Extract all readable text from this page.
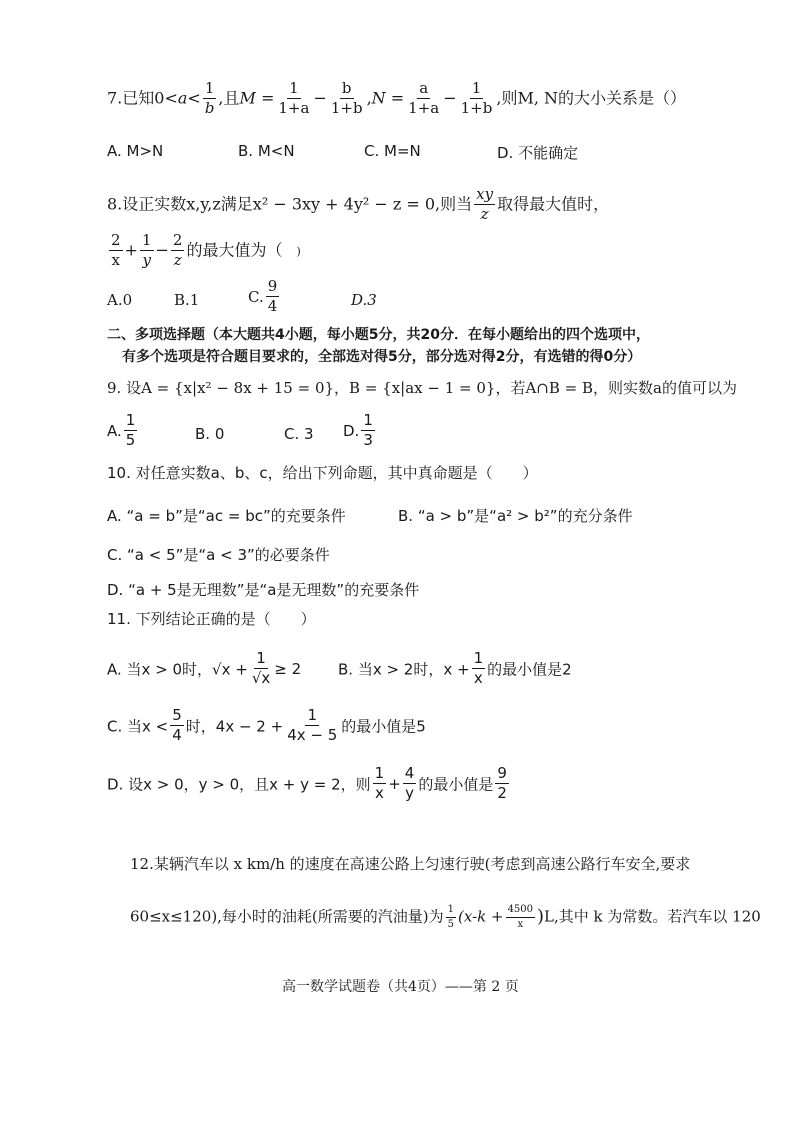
7.已知$0<a< \frac{1}{b}$ ,且$M = \frac{1}{1+a} - \frac{b}{1+b} ,N = \frac{a}{1+a} - \frac{1}{1+b}$ ,则M, N的大小关系是（）
A. M>N	B. M<N	C. M=N	D. 不能确定
8.设正实数x,y,z满足x² − 3xy + 4y² − z = 0,则当 $\frac{xy}{z}$ 取得最大值时，
$\frac{2}{x} + \frac{1}{y} - \frac{2}{z}$ 的最大值为（ )
A.0	B.1	C. $\frac{9}{4}$	D.3
二、多项选择题（本大题共4小题，每小题5分，共20分．在每小题给出的四个选项中，
有多个选项是符合题目要求的，全部选对得5分，部分选对得2分，有选错的得0分）
9. 设A = {x|x² − 8x + 15 = 0}，B = {x|ax − 1 = 0}，若A∩B = B，则实数a的值可以为
A. $\frac{1}{5}$	B. 0	C. 3 D. $\frac{1}{3}$
10. 对任意实数a、b、c，给出下列命题，其中真命题是（　　）
A. “a = b”是“ac = bc”的充要条件	B. “a > b”是“a² > b²”的充分条件
C. “a < 5”是“a < 3”的必要条件
D. “a + 5是无理数”是“a是无理数”的充要条件
11. 下列结论正确的是（　　）
A. 当x > 0时，$√x + \frac{1}{√x} \ge 2$ B. 当x > 2时，$x + \frac{1}{x}$ 的最小值是2
C. 当$x < \frac{5}{4}$ 时，$4x - 2 + \frac{1}{4x - 5}$ 的最小值是5
D. 设x > 0，y > 0，且x + y = 2，则 $\frac{1}{x} + \frac{4}{y}$ 的最小值是 $\frac{9}{2}$
12.某辆汽车以 x km/h 的速度在高速公路上匀速行驶(考虑到高速公路行车安全,要求
60≤x≤120),每小时的油耗(所需要的汽油量)为 $\frac{1}{5} (x-k + \frac{4500}{x} )L$,其中 k 为常数。若汽车以 120
高一数学试题卷（共4页）——第 2 页
